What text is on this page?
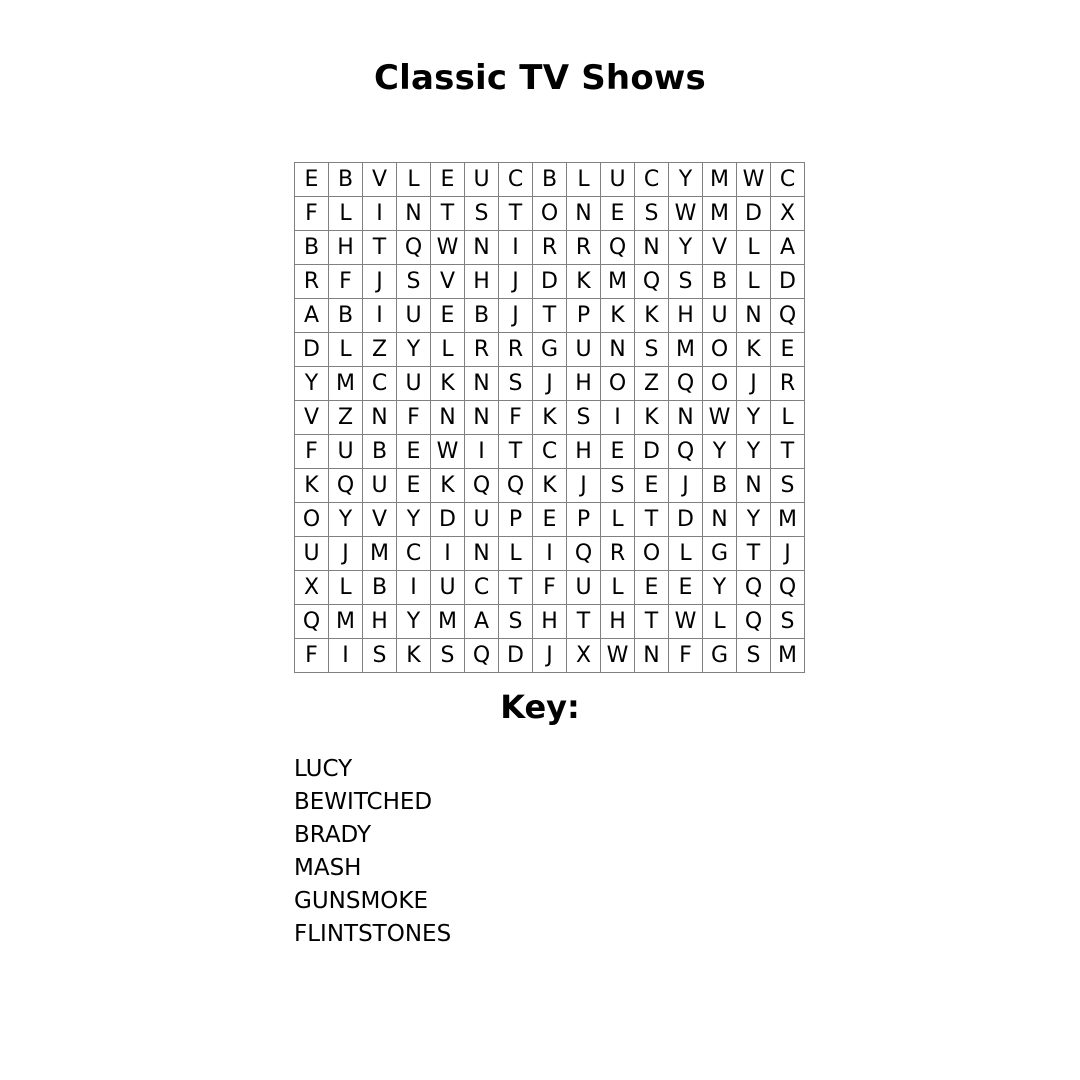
Classic TV Shows
E	B	V	L	E	U	C	B	L	U	C	Y	M	W	C
F	L	I	N	T	S	T	O	N	E	S	W	M	D	X
B	H	T	Q	W	N	I	R	R	Q	N	Y	V	L	A
R	F	J	S	V	H	J	D	K	M	Q	S	B	L	D
A	B	I	U	E	B	J	T	P	K	K	H	U	N	Q
D	L	Z	Y	L	R	R	G	U	N	S	M	O	K	E
Y	M	C	U	K	N	S	J	H	O	Z	Q	O	J	R
V	Z	N	F	N	N	F	K	S	I	K	N	W	Y	L
F	U	B	E	W	I	T	C	H	E	D	Q	Y	Y	T
K	Q	U	E	K	Q	Q	K	J	S	E	J	B	N	S
O	Y	V	Y	D	U	P	E	P	L	T	D	N	Y	M
U	J	M	C	I	N	L	I	Q	R	O	L	G	T	J
X	L	B	I	U	C	T	F	U	L	E	E	Y	Q	Q
Q	M	H	Y	M	A	S	H	T	H	T	W	L	Q	S
F	I	S	K	S	Q	D	J	X	W	N	F	G	S	M
Key:
LUCY
BEWITCHED
BRADY
MASH
GUNSMOKE
FLINTSTONES
